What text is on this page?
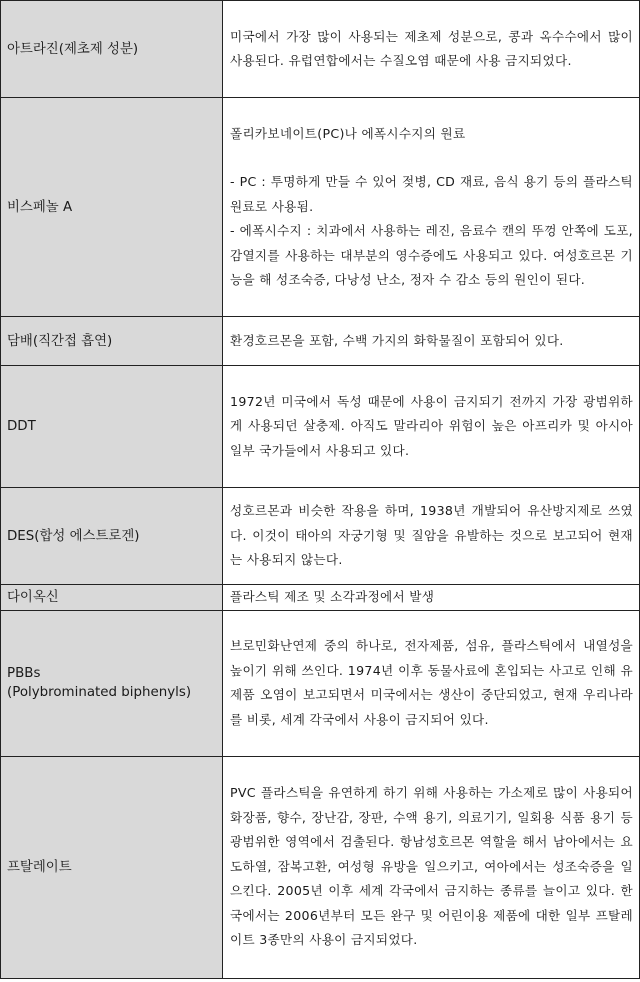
아트라진(제초제 성분)	미국에서 가장 많이 사용되는 제초제 성분으로, 콩과 옥수수에서 많이 사용된다. 유럽연합에서는 수질오염 때문에 사용 금지되었다.

비스페놀 A	폴리카보네이트(PC)나 에폭시수지의 원료
- PC : 투명하게 만들 수 있어 젖병, CD 재료, 음식 용기 등의 플라스틱 원료로 사용됨.
- 에폭시수지 : 치과에서 사용하는 레진, 음료수 캔의 뚜껑 안쪽에 도포, 감열지를 사용하는 대부분의 영수증에도 사용되고 있다. 여성호르몬 기능을 해 성조숙증, 다낭성 난소, 정자 수 감소 등의 원인이 된다.

담배(직간접 흡연)	환경호르몬을 포함, 수백 가지의 화학물질이 포함되어 있다.

DDT	1972년 미국에서 독성 때문에 사용이 금지되기 전까지 가장 광범위하게 사용되던 살충제. 아직도 말라리아 위험이 높은 아프리카 및 아시아 일부 국가들에서 사용되고 있다.

DES(합성 에스트로겐)	성호르몬과 비슷한 작용을 하며, 1938년 개발되어 유산방지제로 쓰였다. 이것이 태아의 자궁기형 및 질암을 유발하는 것으로 보고되어 현재는 사용되지 않는다.

다이옥신	플라스틱 제조 및 소각과정에서 발생

PBBs
(Polybrominated biphenyls)	브로민화난연제 중의 하나로, 전자제품, 섬유, 플라스틱에서 내열성을 높이기 위해 쓰인다. 1974년 이후 동물사료에 혼입되는 사고로 인해 유제품 오염이 보고되면서 미국에서는 생산이 중단되었고, 현재 우리나라를 비롯, 세계 각국에서 사용이 금지되어 있다.

프탈레이트	PVC 플라스틱을 유연하게 하기 위해 사용하는 가소제로 많이 사용되어 화장품, 향수, 장난감, 장판, 수액 용기, 의료기기, 일회용 식품 용기 등 광범위한 영역에서 검출된다. 항남성호르몬 역할을 해서 남아에서는 요도하열, 잠복고환, 여성형 유방을 일으키고, 여아에서는 성조숙증을 일으킨다. 2005년 이후 세계 각국에서 금지하는 종류를 늘이고 있다. 한국에서는 2006년부터 모든 완구 및 어린이용 제품에 대한 일부 프탈레이트 3종만의 사용이 금지되었다.
